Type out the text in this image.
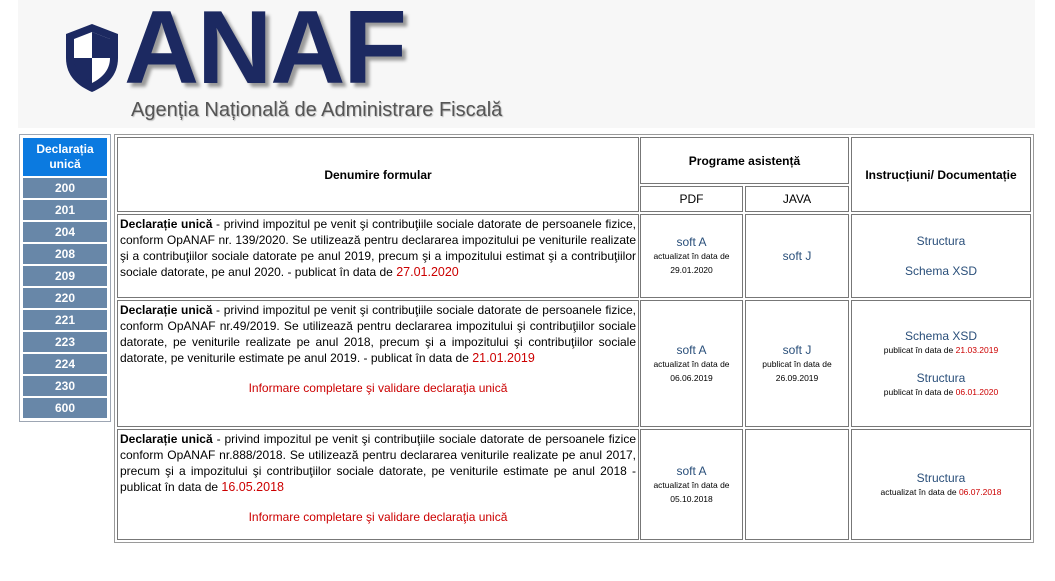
ANAF
Agenția Națională de Administrare Fiscală
Declarația unică
200
201
204
208
209
220
221
223
224
230
600
Denumire formular
Programe asistență
PDF	JAVA
Instrucțiuni/ Documentație
Declarație unică - privind impozitul pe venit şi contribuţiile sociale datorate de persoanele fizice, conform OpANAF nr. 139/2020. Se utilizează pentru declararea impozitului pe veniturile realizate şi a contribuţiilor sociale datorate pe anul 2019, precum şi a impozitului estimat şi a contribuţiilor sociale datorate, pe anul 2020. - publicat în data de 27.01.2020
soft A
actualizat în data de
29.01.2020
soft J
Structura
Schema XSD
Declarație unică - privind impozitul pe venit şi contribuţiile sociale datorate de persoanele fizice, conform OpANAF nr.49/2019. Se utilizează pentru declararea impozitului şi contribuţiilor sociale datorate, pe veniturile realizate pe anul 2018, precum şi a impozitului şi contribuţiilor sociale datorate, pe veniturile estimate pe anul 2019. - publicat în data de 21.01.2019
Informare completare şi validare declaraţia unică
soft A
actualizat în data de
06.06.2019
soft J
publicat în data de
26.09.2019
Schema XSD
publicat în data de 21.03.2019
Structura
publicat în data de 06.01.2020
Declarație unică - privind impozitul pe venit şi contribuţiile sociale datorate de persoanele fizice conform OpANAF nr.888/2018. Se utilizează pentru declararea veniturile realizate pe anul 2017, precum şi a impozitului şi contribuţiilor sociale datorate, pe veniturile estimate pe anul 2018 - publicat în data de 16.05.2018
Informare completare şi validare declaraţia unică
soft A
actualizat în data de
05.10.2018
Structura
actualizat în data de 06.07.2018
